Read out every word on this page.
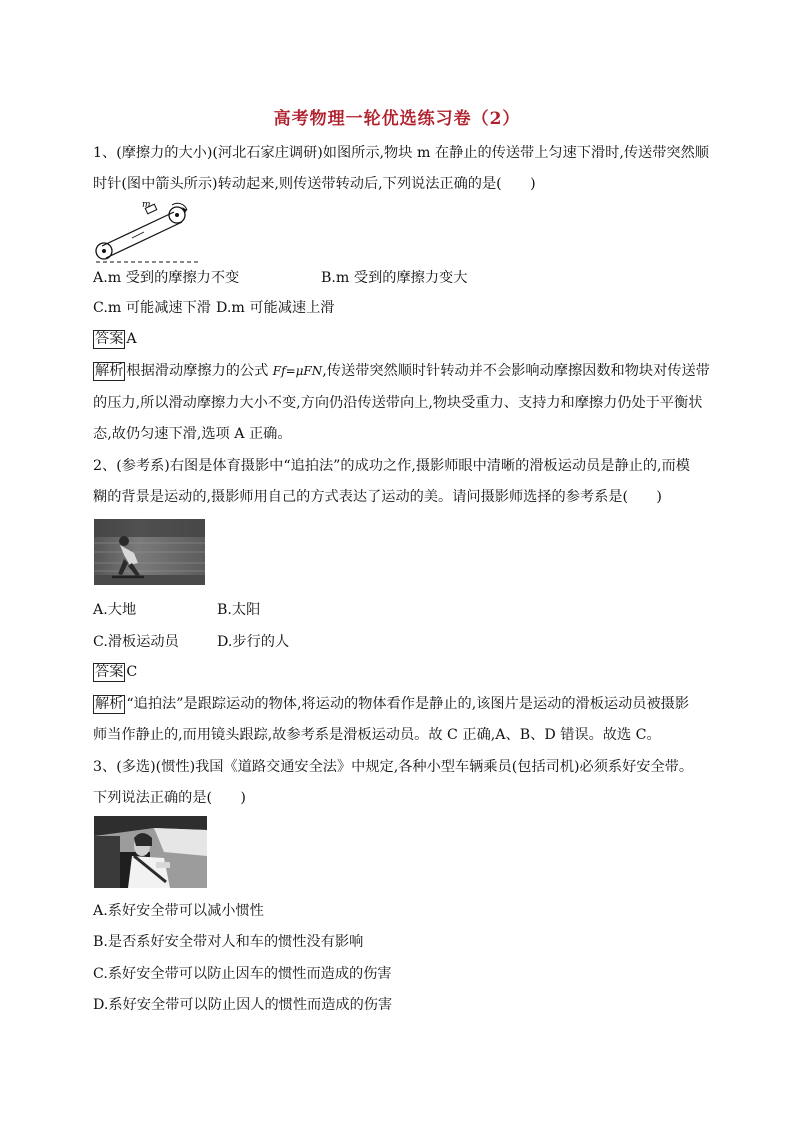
高考物理一轮优选练习卷（2）
1、(摩擦力的大小)(河北石家庄调研)如图所示,物块 m 在静止的传送带上匀速下滑时,传送带突然顺
时针(图中箭头所示)转动起来,则传送带转动后,下列说法正确的是(　　)
m
A.m 受到的摩擦力不变	B.m 受到的摩擦力变大
C.m 可能减速下滑 D.m 可能减速上滑
答案 A
解析 根据滑动摩擦力的公式 Ff=μFN,传送带突然顺时针转动并不会影响动摩擦因数和物块对传送带
的压力,所以滑动摩擦力大小不变,方向仍沿传送带向上,物块受重力、支持力和摩擦力仍处于平衡状
态,故仍匀速下滑,选项 A 正确。
2、(参考系)右图是体育摄影中“追拍法”的成功之作,摄影师眼中清晰的滑板运动员是静止的,而模
糊的背景是运动的,摄影师用自己的方式表达了运动的美。请问摄影师选择的参考系是(　　)
A.大地	B.太阳
C.滑板运动员	D.步行的人
答案 C
解析 “追拍法”是跟踪运动的物体,将运动的物体看作是静止的,该图片是运动的滑板运动员被摄影
师当作静止的,而用镜头跟踪,故参考系是滑板运动员。故 C 正确,A、B、D 错误。故选 C。
3、(多选)(惯性)我国《道路交通安全法》中规定,各种小型车辆乘员(包括司机)必须系好安全带。
下列说法正确的是(　　)
A.系好安全带可以减小惯性
B.是否系好安全带对人和车的惯性没有影响
C.系好安全带可以防止因车的惯性而造成的伤害
D.系好安全带可以防止因人的惯性而造成的伤害
